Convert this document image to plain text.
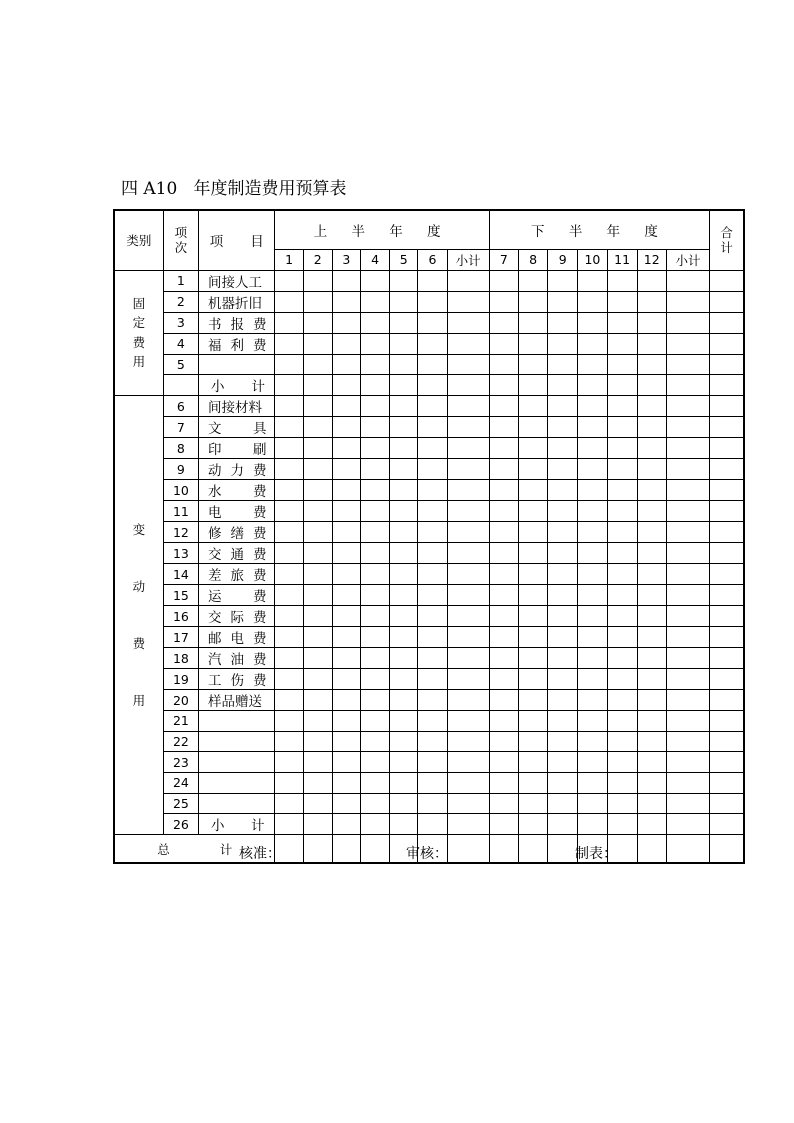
四 A10   年度制造费用预算表
类别	项
次	项　　目	上 半 年 度							下 半 年 度							合
计
			1	2	3	4	5	6	小计	7	8	9	10	11	12	小计	
固
定
费
用	1	间接人工															
	2	机器折旧															
	3	书报费															
	4	福利费															
	5																
		小　　计															
变
动
费
用	6	间接材料															
	7	文具															
	8	印刷															
	9	动力费															
	10	水费															
	11	电费															
	12	修缮费															
	13	交通费															
	14	差旅费															
	15	运费															
	16	交际费															
	17	邮电费															
	18	汽油费															
	19	工伤费															
	20	样品赠送															
	21																
	22																
	23																
	24																
	25																
	26	小　计															
总　　　　计																	核准：	审核：	制表：
